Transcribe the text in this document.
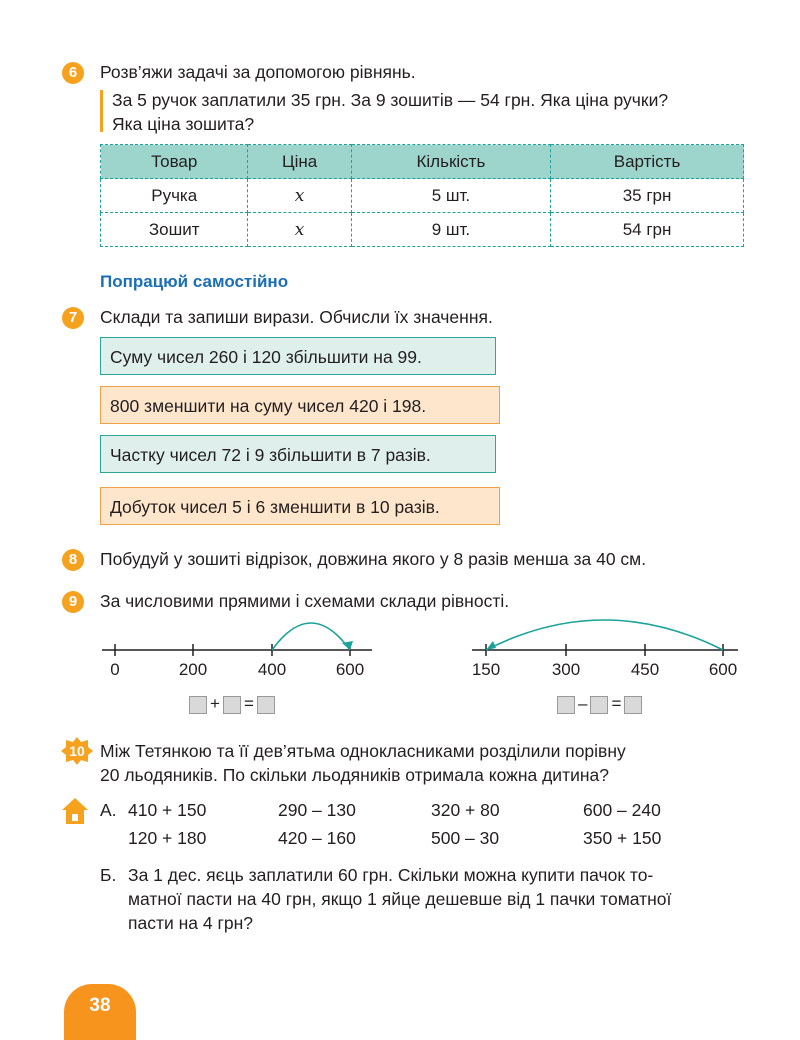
6	Розв’яжи задачі за допомогою рівнянь.
За 5 ручок заплатили 35 грн. За 9 зошитів — 54 грн. Яка ціна ручки?
Яка ціна зошита?
Товар	Ціна	Кількість	Вартість
Ручка	x	5 шт.	35 грн
Зошит	x	9 шт.	54 грн
Попрацюй самостійно
7	Склади та запиши вирази. Обчисли їх значення.
Суму чисел 260 і 120 збільшити на 99.
800 зменшити на суму чисел 420 і 198.
Частку чисел 72 і 9 збільшити в 7 разів.
Добуток чисел 5 і 6 зменшити в 10 разів.
8	Побудуй у зошиті відрізок, довжина якого у 8 разів менша за 40 см.
9	За числовими прямими і схемами склади рівності.
0	200	400	600	150	300	450	600
+ =	– =
10 Між Тетянкою та її дев’ятьма однокласниками розділили порівну
20 льодяників. По скільки льодяників отримала кожна дитина?
А. 410 + 150	290 – 130	320 + 80	600 – 240
120 + 180	420 – 160	500 – 30	350 + 150
Б. За 1 дес. яєць заплатили 60 грн. Скільки можна купити пачок то-
матної пасти на 40 грн, якщо 1 яйце дешевше від 1 пачки томатної
пасти на 4 грн?
38
